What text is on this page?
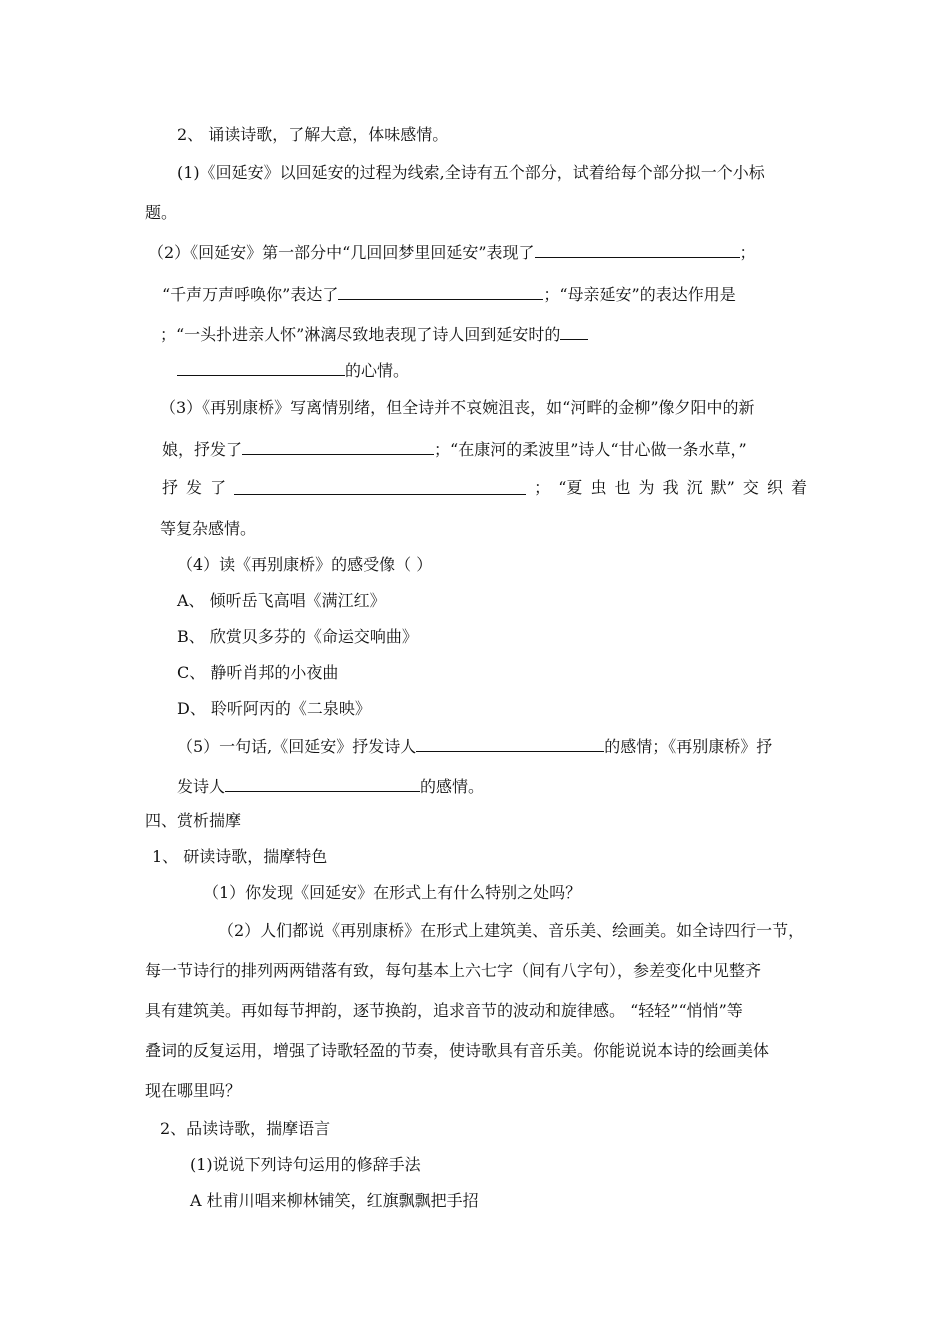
2、 诵读诗歌，了解大意，体味感情。
(1)《回延安》以回延安的过程为线索,全诗有五个部分，试着给每个部分拟一个小标
题。
（2）《回延安》第一部分中“几回回梦里回延安”表现了	；
“千声万声呼唤你”表达了	；“母亲延安”的表达作用是
；“一头扑进亲人怀”淋漓尽致地表现了诗人回到延安时的
的心情。
（3）《再别康桥》写离情别绪，但全诗并不哀婉沮丧，如“河畔的金柳”像夕阳中的新
娘，抒发了	；“在康河的柔波里”诗人“甘心做一条水草，”
抒 发 了	； “夏 虫 也 为 我 沉 默” 交 织 着
等复杂感情。
（4）读《再别康桥》的感受像（ ）
A、 倾听岳飞高唱《满江红》
B、 欣赏贝多芬的《命运交响曲》
C、 静听肖邦的小夜曲
D、 聆听阿丙的《二泉映》
（5）一句话,《回延安》抒发诗人	的感情；《再别康桥》抒
发诗人	的感情。
四、赏析揣摩
1、 研读诗歌，揣摩特色
（1）你发现《回延安》在形式上有什么特别之处吗？
（2）人们都说《再别康桥》在形式上建筑美、音乐美、绘画美。如全诗四行一节，
每一节诗行的排列两两错落有致，每句基本上六七字（间有八字句），参差变化中见整齐
具有建筑美。再如每节押韵，逐节换韵，追求音节的波动和旋律感。 “轻轻”“悄悄”等
叠词的反复运用，增强了诗歌轻盈的节奏，使诗歌具有音乐美。你能说说本诗的绘画美体
现在哪里吗？
2、品读诗歌，揣摩语言
(1)说说下列诗句运用的修辞手法
A 杜甫川唱来柳林铺笑，红旗飘飘把手招
